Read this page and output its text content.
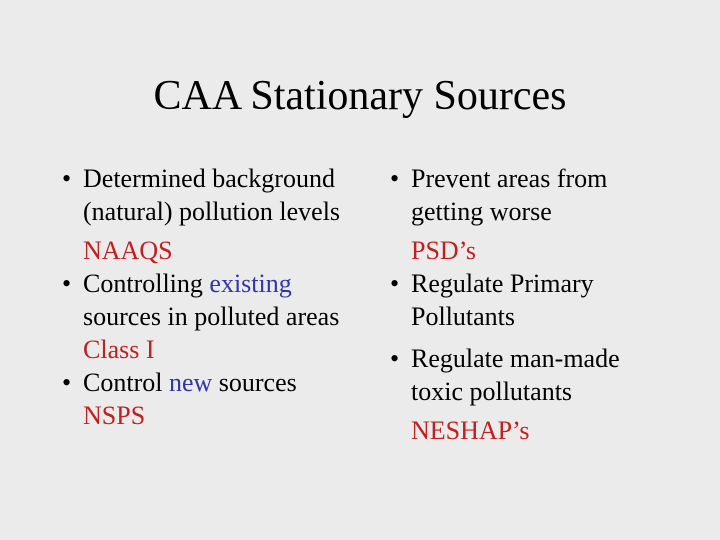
CAA Stationary Sources
• Determined background
(natural) pollution levels
NAAQS
• Controlling existing
sources in polluted areas
Class I
• Control new sources
NSPS
• Prevent areas from
getting worse
PSD’s
• Regulate Primary
Pollutants
• Regulate man-made
toxic pollutants
NESHAP’s
